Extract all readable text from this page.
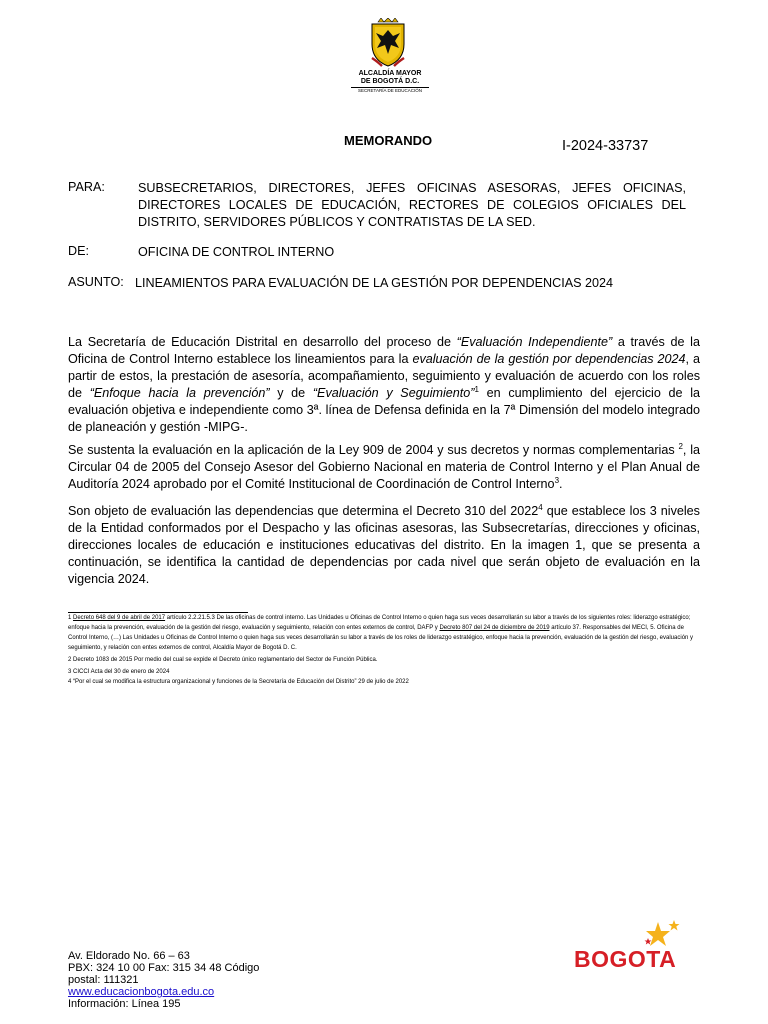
ALCALDÍA MAYOR
DE BOGOTÁ D.C.
SECRETARÍA DE EDUCACIÓN
MEMORANDO	I-2024-33737
PARA:	SUBSECRETARIOS, DIRECTORES, JEFES OFICINAS ASESORAS, JEFES OFICINAS,
DIRECTORES LOCALES DE EDUCACIÓN, RECTORES DE COLEGIOS OFICIALES DEL
DISTRITO, SERVIDORES PÚBLICOS Y CONTRATISTAS DE LA SED.
DE:	OFICINA DE CONTROL INTERNO
ASUNTO: LINEAMIENTOS PARA EVALUACIÓN DE LA GESTIÓN POR DEPENDENCIAS 2024
La Secretaría de Educación Distrital en desarrollo del proceso de “Evaluación Independiente” a través de la Oficina de Control Interno establece los lineamientos para la evaluación de la gestión por dependencias 2024, a partir de estos, la prestación de asesoría, acompañamiento, seguimiento y evaluación de acuerdo con los roles de “Enfoque hacia la prevención” y de “Evaluación y Seguimiento”$^1$ en cumplimiento del ejercicio de la evaluación objetiva e independiente como 3ª. línea de Defensa definida en la 7ª Dimensión del modelo integrado de planeación y gestión -MIPG-.
Se sustenta la evaluación en la aplicación de la Ley 909 de 2004 y sus decretos y normas complementarias $^2$, la Circular 04 de 2005 del Consejo Asesor del Gobierno Nacional en materia de Control Interno y el Plan Anual de Auditoría 2024 aprobado por el Comité Institucional de Coordinación de Control Interno$^3$.
Son objeto de evaluación las dependencias que determina el Decreto 310 del 2022$^4$ que establece los 3 niveles de la Entidad conformados por el Despacho y las oficinas asesoras, las Subsecretarías, direcciones y oficinas, direcciones locales de educación e instituciones educativas del distrito. En la imagen 1, que se presenta a continuación, se identifica la cantidad de dependencias por cada nivel que serán objeto de evaluación en la vigencia 2024.
1 Decreto 648 del 9 de abril de 2017 artículo 2.2.21.5.3 De las oficinas de control interno. Las Unidades u Oficinas de Control Interno o quien haga sus veces desarrollarán su labor a través de los siguientes roles: liderazgo estratégico; enfoque hacia la prevención, evaluación de la gestión del riesgo, evaluación y seguimiento, relación con entes externos de control, DAFP y Decreto 807 del 24 de diciembre de 2019 artículo 37. Responsables del MECI, 5. Oficina de Control Interno, (…) Las Unidades u Oficinas de Control Interno o quien haga sus veces desarrollarán su labor a través de los roles de liderazgo estratégico, enfoque hacia la prevención, evaluación de la gestión del riesgo, evaluación y seguimiento, y relación con entes externos de control, Alcaldía Mayor de Bogotá D. C.
2 Decreto 1083 de 2015 Por medio del cual se expide el Decreto único reglamentario del Sector de Función Pública.
3 CICCI Acta del 30 de enero de 2024
4 “Por el cual se modifica la estructura organizacional y funciones de la Secretaría de Educación del Distrito” 29 de julio de 2022
Av. Eldorado No. 66 – 63
PBX: 324 10 00 Fax: 315 34 48 Código
postal: 111321
www.educacionbogota.edu.co
Información: Línea 195
BOGOTA
